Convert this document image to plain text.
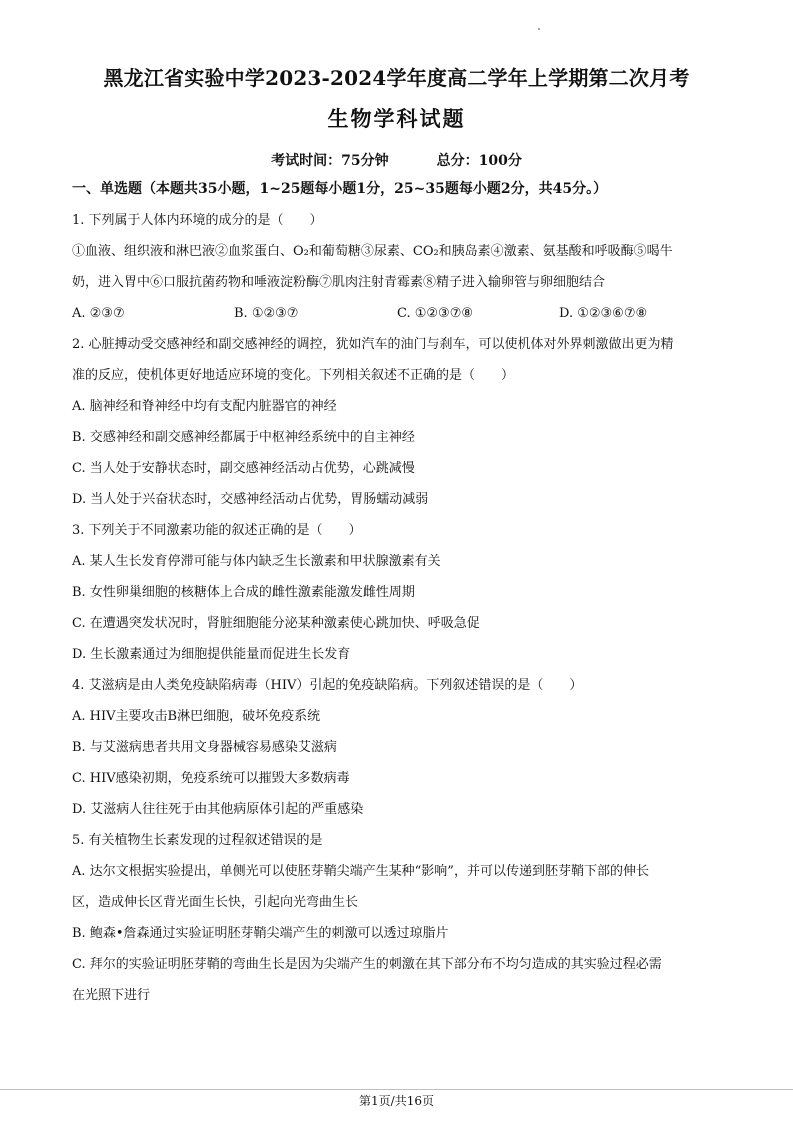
黑龙江省实验中学2023-2024学年度高二学年上学期第二次月考
生物学科试题
考试时间：75分钟	总分：100分
一、单选题（本题共35小题，1~25题每小题1分，25~35题每小题2分，共45分。）
1. 下列属于人体内环境的成分的是（　　）
①血液、组织液和淋巴液②血浆蛋白、O₂和葡萄糖③尿素、CO₂和胰岛素④激素、氨基酸和呼吸酶⑤喝牛
奶，进入胃中⑥口服抗菌药物和唾液淀粉酶⑦肌肉注射青霉素⑧精子进入输卵管与卵细胞结合
A. ②③⑦	B. ①②③⑦	C. ①②③⑦⑧	D. ①②③⑥⑦⑧
2. 心脏搏动受交感神经和副交感神经的调控，犹如汽车的油门与刹车，可以使机体对外界刺激做出更为精
准的反应，使机体更好地适应环境的变化。下列相关叙述不正确的是（　　）
A. 脑神经和脊神经中均有支配内脏器官的神经
B. 交感神经和副交感神经都属于中枢神经系统中的自主神经
C. 当人处于安静状态时，副交感神经活动占优势，心跳减慢
D. 当人处于兴奋状态时，交感神经活动占优势，胃肠蠕动减弱
3. 下列关于不同激素功能的叙述正确的是（　　）
A. 某人生长发育停滞可能与体内缺乏生长激素和甲状腺激素有关
B. 女性卵巢细胞的核糖体上合成的雌性激素能激发雌性周期
C. 在遭遇突发状况时，肾脏细胞能分泌某种激素使心跳加快、呼吸急促
D. 生长激素通过为细胞提供能量而促进生长发育
4. 艾滋病是由人类免疫缺陷病毒（HIV）引起的免疫缺陷病。下列叙述错误的是（　　）
A. HIV主要攻击B淋巴细胞，破坏免疫系统
B. 与艾滋病患者共用文身器械容易感染艾滋病
C. HIV感染初期，免疫系统可以摧毁大多数病毒
D. 艾滋病人往往死于由其他病原体引起的严重感染
5. 有关植物生长素发现的过程叙述错误的是
A. 达尔文根据实验提出，单侧光可以使胚芽鞘尖端产生某种“影响”，并可以传递到胚芽鞘下部的伸长
区，造成伸长区背光面生长快，引起向光弯曲生长
B. 鲍森•詹森通过实验证明胚芽鞘尖端产生的刺激可以透过琼脂片
C. 拜尔的实验证明胚芽鞘的弯曲生长是因为尖端产生的刺激在其下部分布不均匀造成的其实验过程必需
在光照下进行
第1页/共16页
